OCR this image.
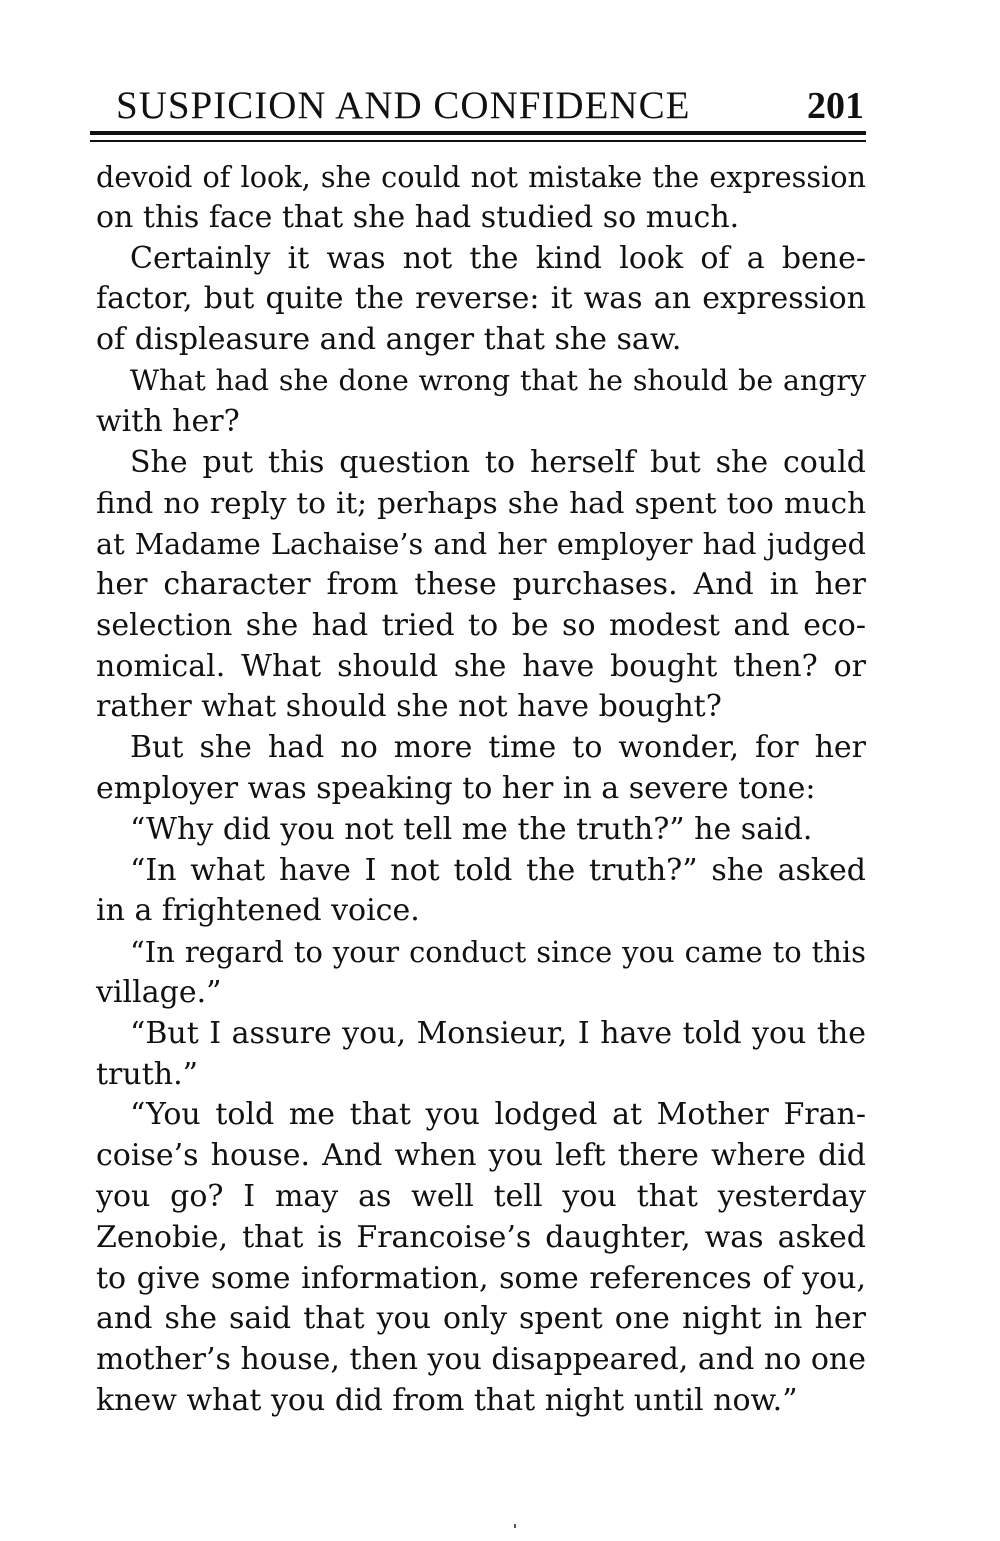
SUSPICION AND CONFIDENCE	201
devoid of look, she could not mistake the expression
on this face that she had studied so much.
Certainly it was not the kind look of a bene-
factor, but quite the reverse: it was an expression
of displeasure and anger that she saw.
What had she done wrong that he should be angry
with her?
She put this question to herself but she could
find no reply to it; perhaps she had spent too much
at Madame Lachaise’s and her employer had judged
her character from these purchases. And in her
selection she had tried to be so modest and eco-
nomical. What should she have bought then? or
rather what should she not have bought?
But she had no more time to wonder, for her
employer was speaking to her in a severe tone:
“Why did you not tell me the truth?” he said.
“In what have I not told the truth?” she asked
in a frightened voice.
“In regard to your conduct since you came to this
village.”
“But I assure you, Monsieur, I have told you the
truth.”
“You told me that you lodged at Mother Fran-
coise’s house. And when you left there where did
you go? I may as well tell you that yesterday
Zenobie, that is Francoise’s daughter, was asked
to give some information, some references of you,
and she said that you only spent one night in her
mother’s house, then you disappeared, and no one
knew what you did from that night until now.”
